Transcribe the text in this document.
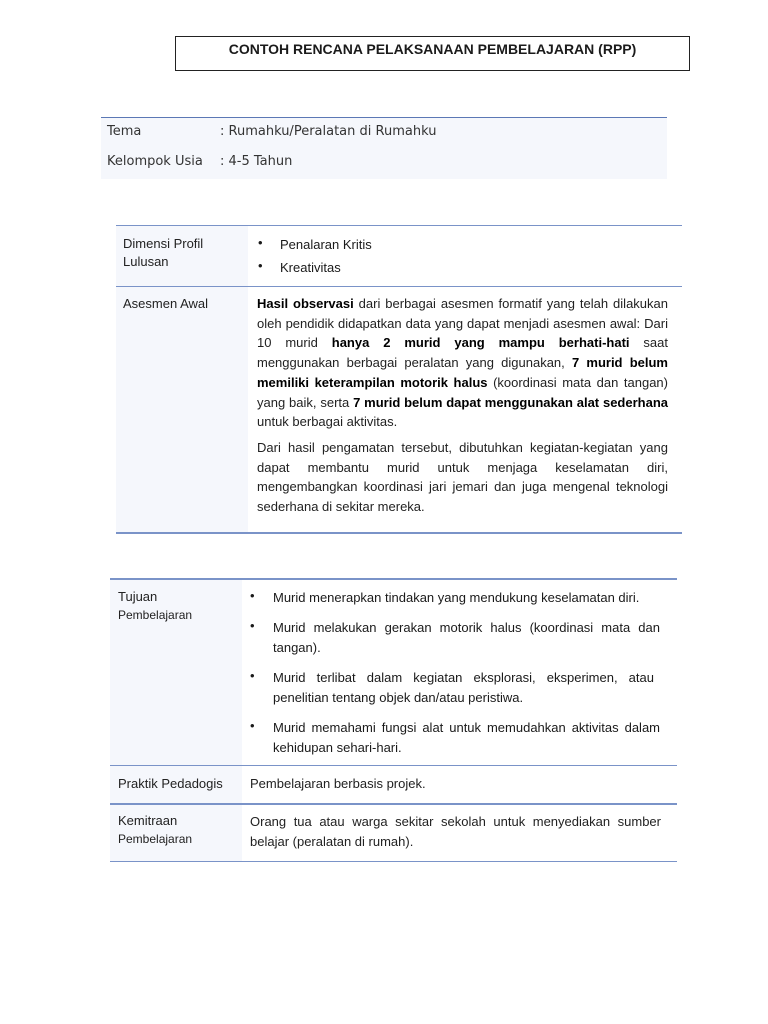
CONTOH RENCANA PELAKSANAAN PEMBELAJARAN (RPP)
Tema	: Rumahku/Peralatan di Rumahku
Kelompok Usia : 4-5 Tahun
Dimensi Profil
Lulusan
• Penalaran Kritis
• Kreativitas
Asesmen Awal	Hasil observasi dari berbagai asesmen formatif yang telah dilakukan oleh pendidik didapatkan data yang dapat menjadi asesmen awal: Dari 10 murid hanya 2 murid yang mampu berhati-hati saat menggunakan berbagai peralatan yang digunakan, 7 murid belum memiliki keterampilan motorik halus (koordinasi mata dan tangan) yang baik, serta 7 murid belum dapat menggunakan alat sederhana untuk berbagai aktivitas.
Dari hasil pengamatan tersebut, dibutuhkan kegiatan-kegiatan yang dapat membantu murid untuk menjaga keselamatan diri, mengembangkan koordinasi jari jemari dan juga mengenal teknologi sederhana di sekitar mereka.
Tujuan
Pembelajaran
• Murid menerapkan tindakan yang mendukung keselamatan diri.
• Murid melakukan gerakan motorik halus (koordinasi mata dan tangan).
• Murid terlibat dalam kegiatan eksplorasi, eksperimen, atau penelitian tentang objek dan/atau peristiwa.
• Murid memahami fungsi alat untuk memudahkan aktivitas dalam kehidupan sehari-hari.
Praktik Pedadogis Pembelajaran berbasis projek.
Kemitraan
Pembelajaran
Orang tua atau warga sekitar sekolah untuk menyediakan sumber belajar (peralatan di rumah).
